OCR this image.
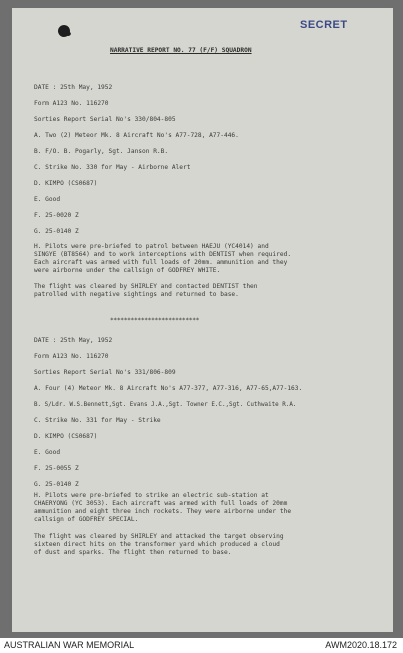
SECRET
NARRATIVE REPORT NO. 77 (F/F) SQUADRON
DATE : 25th May, 1952
Form A123 No. 116270
Sorties Report Serial No's 330/804-805
A. Two (2) Meteor Mk. 8 Aircraft No's A77-728, A77-446.
B. F/O. B. Pogarly, Sgt. Janson R.B.
C. Strike No. 330 for May - Airborne Alert
D. KIMPO (CS0687)
E. Good
F. 25-0020 Z
G. 25-0140 Z
H. Pilots were pre-briefed to patrol between HAEJU (YC4014) and
SINGYE (BT8564) and to work interceptions with DENTIST when required.
Each aircraft was armed with full loads of 20mm. ammunition and they
were airborne under the callsign of GODFREY WHITE.
The flight was cleared by SHIRLEY and contacted DENTIST then
patrolled with negative sightings and returned to base.
**************************
DATE : 25th May, 1952
Form A123 No. 116270
Sorties Report Serial No's 331/806-809
A. Four (4) Meteor Mk. 8 Aircraft No's A77-377, A77-316, A77-65,A77-163.
B. S/Ldr. W.S.Bennett,Sgt. Evans J.A.,Sgt. Towner E.C.,Sgt. Cuthwaite R.A.
C. Strike No. 331 for May - Strike
D. KIMPO (CS0687)
E. Good
F. 25-0055 Z
G. 25-0140 Z
H. Pilots were pre-briefed to strike an electric sub-station at
CHAERYONG (YC 3053). Each aircraft was armed with full loads of 20mm
ammunition and eight three inch rockets. They were airborne under the
callsign of GODFREY SPECIAL.
The flight was cleared by SHIRLEY and attacked the target observing
sixteen direct hits on the transformer yard which produced a cloud
of dust and sparks. The flight then returned to base.
AUSTRALIAN WAR MEMORIAL	AWM2020.18.172
